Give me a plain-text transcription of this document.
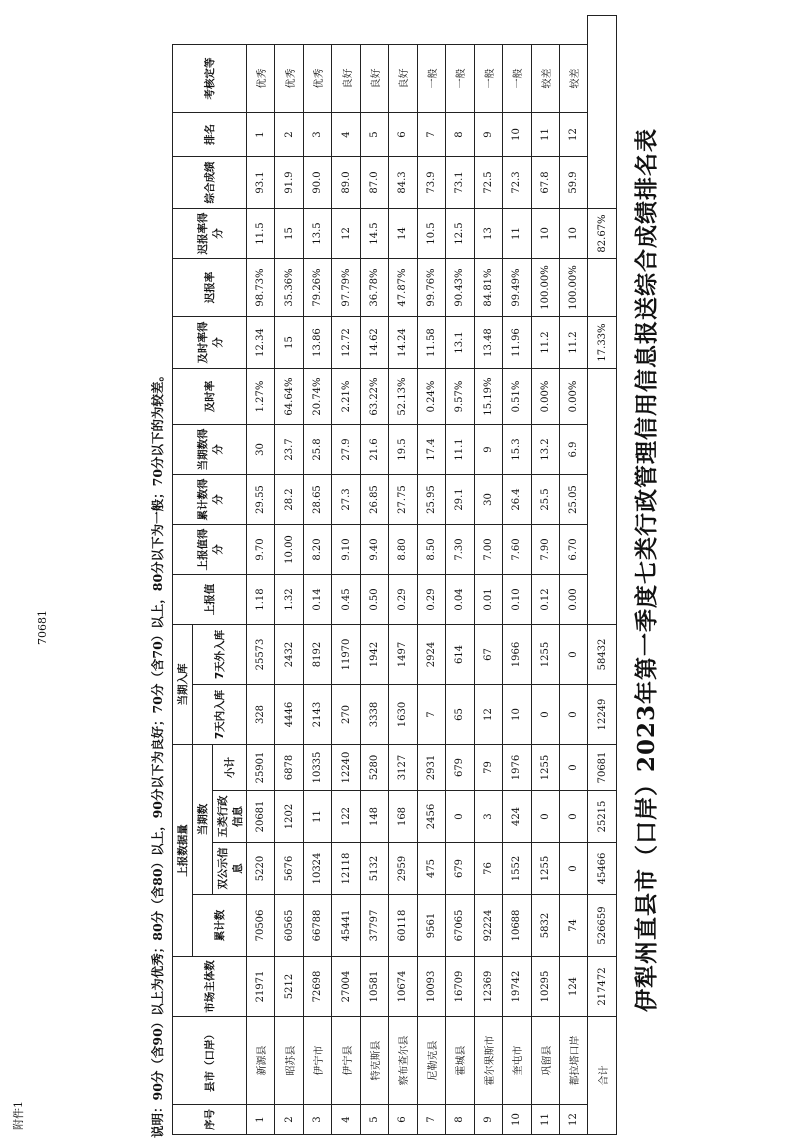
附件1
70681	伊犁州直县市（口岸）2023年第一季度七类行政管理信用信息报送综合成绩排名表
序号	县市（口岸）	市场主体数	上报数据量				当期入库		上报值	上报值得分	累计数得分	当期数得分	及时率	及时率得分	迟报率	迟报率得分	综合成绩	排名	考核定等
			累计数	当期数			7天内入库	7天外入库											
				双公示信息	五类行政信息	小计													
1	新源县	21971	70506	5220	20681	25901	328	25573	1.18	9.70	29.55	30	1.27%	12.34	98.73%	11.5	93.1	1	优秀
2	昭苏县	5212	60565	5676	1202	6878	4446	2432	1.32	10.00	28.2	23.7	64.64%	15	35.36%	15	91.9	2	优秀
3	伊宁市	72698	66788	10324	11	10335	2143	8192	0.14	8.20	28.65	25.8	20.74%	13.86	79.26%	13.5	90.0	3	优秀
4	伊宁县	27004	45441	12118	122	12240	270	11970	0.45	9.10	27.3	27.9	2.21%	12.72	97.79%	12	89.0	4	良好
5	特克斯县	10581	37797	5132	148	5280	3338	1942	0.50	9.40	26.85	21.6	63.22%	14.62	36.78%	14.5	87.0	5	良好
6	察布查尔县	10674	60118	2959	168	3127	1630	1497	0.29	8.80	27.75	19.5	52.13%	14.24	47.87%	14	84.3	6	良好
7	尼勒克县	10093	9561	475	2456	2931	7	2924	0.29	8.50	25.95	17.4	0.24%	11.58	99.76%	10.5	73.9	7	一般
8	霍城县	16709	67065	679	0	679	65	614	0.04	7.30	29.1	11.1	9.57%	13.1	90.43%	12.5	73.1	8	一般
9	霍尔果斯市	12369	92224	76	3	79	12	67	0.01	7.00	30	9	15.19%	13.48	84.81%	13	72.5	9	一般
10	奎屯市	19742	10688	1552	424	1976	10	1966	0.10	7.60	26.4	15.3	0.51%	11.96	99.49%	11	72.3	10	一般
11	巩留县	10295	5832	1255	0	1255	0	1255	0.12	7.90	25.5	13.2	0.00%	11.2	100.00%	10	67.8	11	较差
12	都拉塔口岸	124	74	0	0	0	0	0	0.00	6.70	25.05	6.9	0.00%	11.2	100.00%	10	59.9	12	较差
合计		217472	526659	45466	25215	70681	12249	58432						17.33%		82.67%			
说明：90分（含90）以上为优秀；80分（含80）以上，90分以下为良好；70分（含70）以上，80分以下为一般；70分以下的为较差。
